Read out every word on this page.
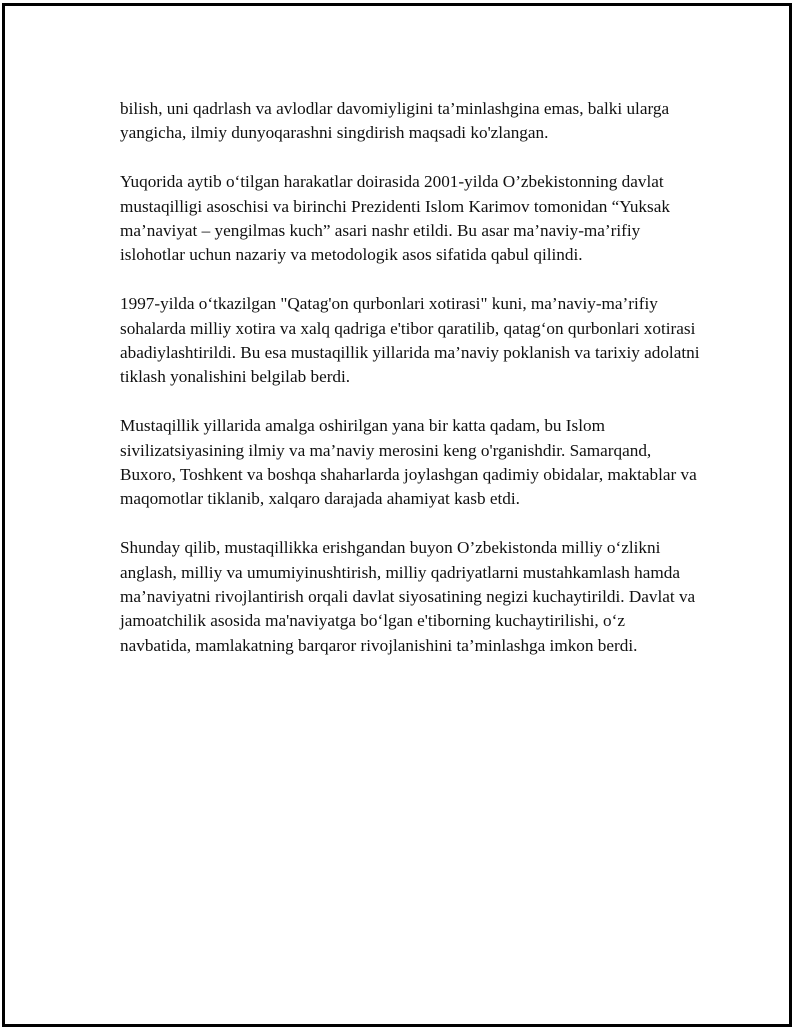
bilish, uni qadrlash va avlodlar davomiyligini ta’minlashgina emas, balki ularga yangicha, ilmiy dunyoqarashni singdirish maqsadi ko'zlangan.

Yuqorida aytib o‘tilgan harakatlar doirasida 2001-yilda O’zbekistonning davlat mustaqilligi asoschisi va birinchi Prezidenti Islom Karimov tomonidan “Yuksak ma’naviyat – yengilmas kuch” asari nashr etildi. Bu asar ma’naviy-ma’rifiy islohotlar uchun nazariy va metodologik asos sifatida qabul qilindi.

1997-yilda o‘tkazilgan "Qatag'on qurbonlari xotirasi" kuni, ma’naviy-ma’rifiy sohalarda milliy xotira va xalq qadriga e'tibor qaratilib, qatag‘on qurbonlari xotirasi abadiylashtirildi. Bu esa mustaqillik yillarida ma’naviy poklanish va tarixiy adolatni tiklash yonalishini belgilab berdi.

Mustaqillik yillarida amalga oshirilgan yana bir katta qadam, bu Islom sivilizatsiyasining ilmiy va ma’naviy merosini keng o'rganishdir. Samarqand, Buxoro, Toshkent va boshqa shaharlarda joylashgan qadimiy obidalar, maktablar va maqomotlar tiklanib, xalqaro darajada ahamiyat kasb etdi.

Shunday qilib, mustaqillikka erishgandan buyon O’zbekistonda milliy o‘zlikni anglash, milliy va umumiyinushtirish, milliy qadriyatlarni mustahkamlash hamda ma’naviyatni rivojlantirish orqali davlat siyosatining negizi kuchaytirildi. Davlat va jamoatchilik asosida ma'naviyatga bo‘lgan e'tiborning kuchaytirilishi, o‘z navbatida, mamlakatning barqaror rivojlanishini ta’minlashga imkon berdi.
